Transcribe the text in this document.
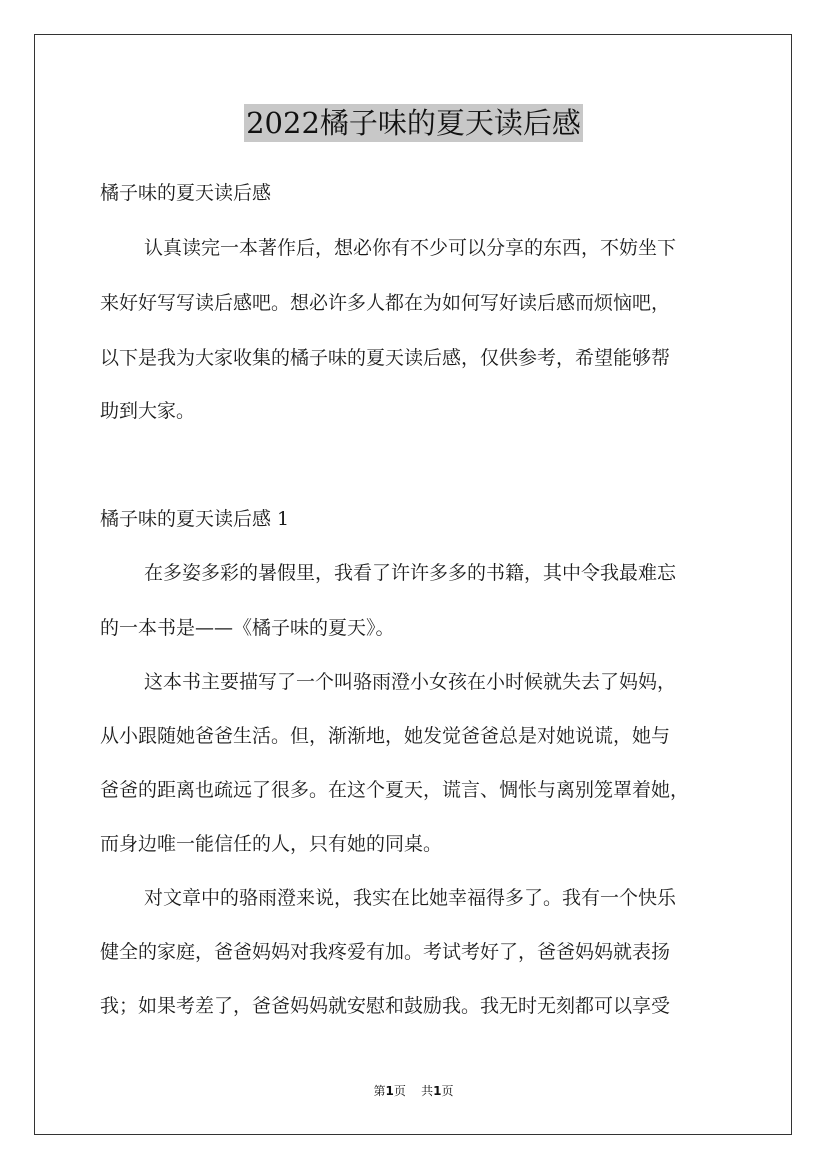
2022橘子味的夏天读后感
橘子味的夏天读后感
认真读完一本著作后，想必你有不少可以分享的东西，不妨坐下
来好好写写读后感吧。想必许多人都在为如何写好读后感而烦恼吧，
以下是我为大家收集的橘子味的夏天读后感，仅供参考，希望能够帮
助到大家。
橘子味的夏天读后感 1
在多姿多彩的暑假里，我看了许许多多的书籍，其中令我最难忘
的一本书是——《橘子味的夏天》。
这本书主要描写了一个叫骆雨澄小女孩在小时候就失去了妈妈，
从小跟随她爸爸生活。但，渐渐地，她发觉爸爸总是对她说谎，她与
爸爸的距离也疏远了很多。在这个夏天，谎言、惆怅与离别笼罩着她，
而身边唯一能信任的人，只有她的同桌。
对文章中的骆雨澄来说，我实在比她幸福得多了。我有一个快乐
健全的家庭，爸爸妈妈对我疼爱有加。考试考好了，爸爸妈妈就表扬
我；如果考差了，爸爸妈妈就安慰和鼓励我。我无时无刻都可以享受
第1页 共1页
